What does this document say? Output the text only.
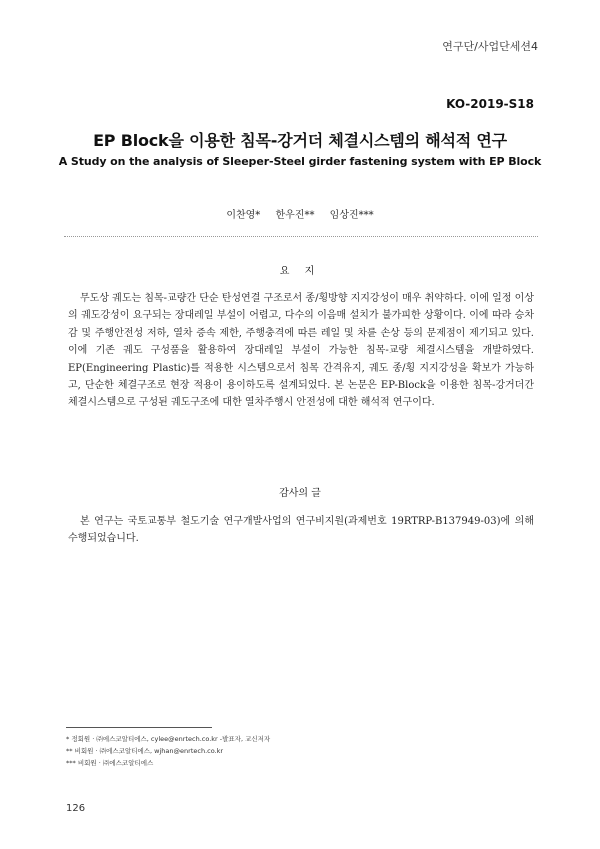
연구단/사업단세션4
KO-2019-S18
EP Block을 이용한 침목-강거더 체결시스템의 해석적 연구
A Study on the analysis of Sleeper-Steel girder fastening system with EP Block
이찬영* 한우진** 임상진***
요 지
무도상 궤도는 침목-교량간 단순 탄성연결 구조로서 종/횡방향 지지강성이 매우 취약하다. 이에 일정 이상의 궤도강성이 요구되는 장대레일 부설이 어렵고, 다수의 이음매 설치가 불가피한 상황이다. 이에 따라 승차감 및 주행안전성 저하, 열차 증속 제한, 주행충격에 따른 레일 및 차륜 손상 등의 문제점이 제기되고 있다. 이에 기존 궤도 구성품을 활용하여 장대레일 부설이 가능한 침목-교량 체결시스템을 개발하였다. EP(Engineering Plastic)를 적용한 시스템으로서 침목 간격유지, 궤도 종/횡 지지강성을 확보가 가능하고, 단순한 체결구조로 현장 적용이 용이하도록 설계되었다. 본 논문은 EP-Block을 이용한 침목-강거더간 체결시스템으로 구성된 궤도구조에 대한 열차주행시 안전성에 대한 해석적 연구이다.
감사의 글
본 연구는 국토교통부 철도기술 연구개발사업의 연구비지원(과제번호 19RTRP-B137949-03)에 의해 수행되었습니다.
* 정회원 · ㈜에스코알티에스, cylee@enrtech.co.kr -발표자, 교신저자
** 비회원 · ㈜에스코알티에스, wjhan@enrtech.co.kr
*** 비회원 · ㈜에스코알티에스
126
